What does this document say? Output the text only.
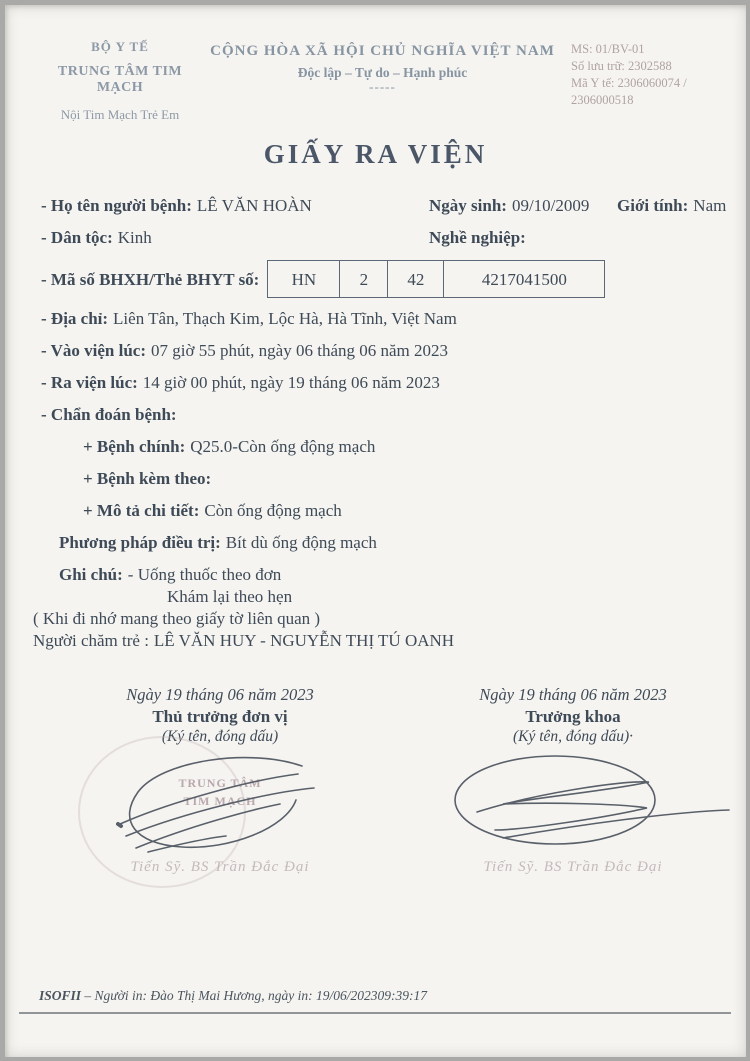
BỘ Y TẾ
TRUNG TÂM TIM MẠCH
Nội Tim Mạch Trẻ Em
CỘNG HÒA XÃ HỘI CHỦ NGHĨA VIỆT NAM
Độc lập – Tự do – Hạnh phúc
-----
MS: 01/BV-01
Số lưu trữ: 2302588
Mã Y tế: 2306060074 /
2306000518
GIẤY RA VIỆN
- Họ tên người bệnh: LÊ VĂN HOÀN	Ngày sinh: 09/10/2009 Giới tính: Nam
- Dân tộc: Kinh	Nghề nghiệp:
- Mã số BHXH/Thẻ BHYT số:	HN	2	42	4217041500
- Địa chỉ: Liên Tân, Thạch Kim, Lộc Hà, Hà Tĩnh, Việt Nam
- Vào viện lúc: 07 giờ 55 phút, ngày 06 tháng 06 năm 2023
- Ra viện lúc: 14 giờ 00 phút, ngày 19 tháng 06 năm 2023
- Chẩn đoán bệnh:
+ Bệnh chính: Q25.0-Còn ống động mạch
+ Bệnh kèm theo:
+ Mô tả chi tiết: Còn ống động mạch
Phương pháp điều trị: Bít dù ống động mạch
Ghi chú: - Uống thuốc theo đơn
Khám lại theo hẹn
( Khi đi nhớ mang theo giấy tờ liên quan )
Người chăm trẻ : LÊ VĂN HUY - NGUYỄN THỊ TÚ OANH
Ngày 19 tháng 06 năm 2023
Thủ trưởng đơn vị
(Ký tên, đóng dấu)
TRUNG TÂM
TIM MẠCH
Tiến Sỹ. BS Trần Đắc Đại
Ngày 19 tháng 06 năm 2023
Trưởng khoa
(Ký tên, đóng dấu)·
Tiến Sỹ. BS Trần Đắc Đại
ISOFII – Người in: Đào Thị Mai Hương, ngày in: 19/06/202309:39:17
